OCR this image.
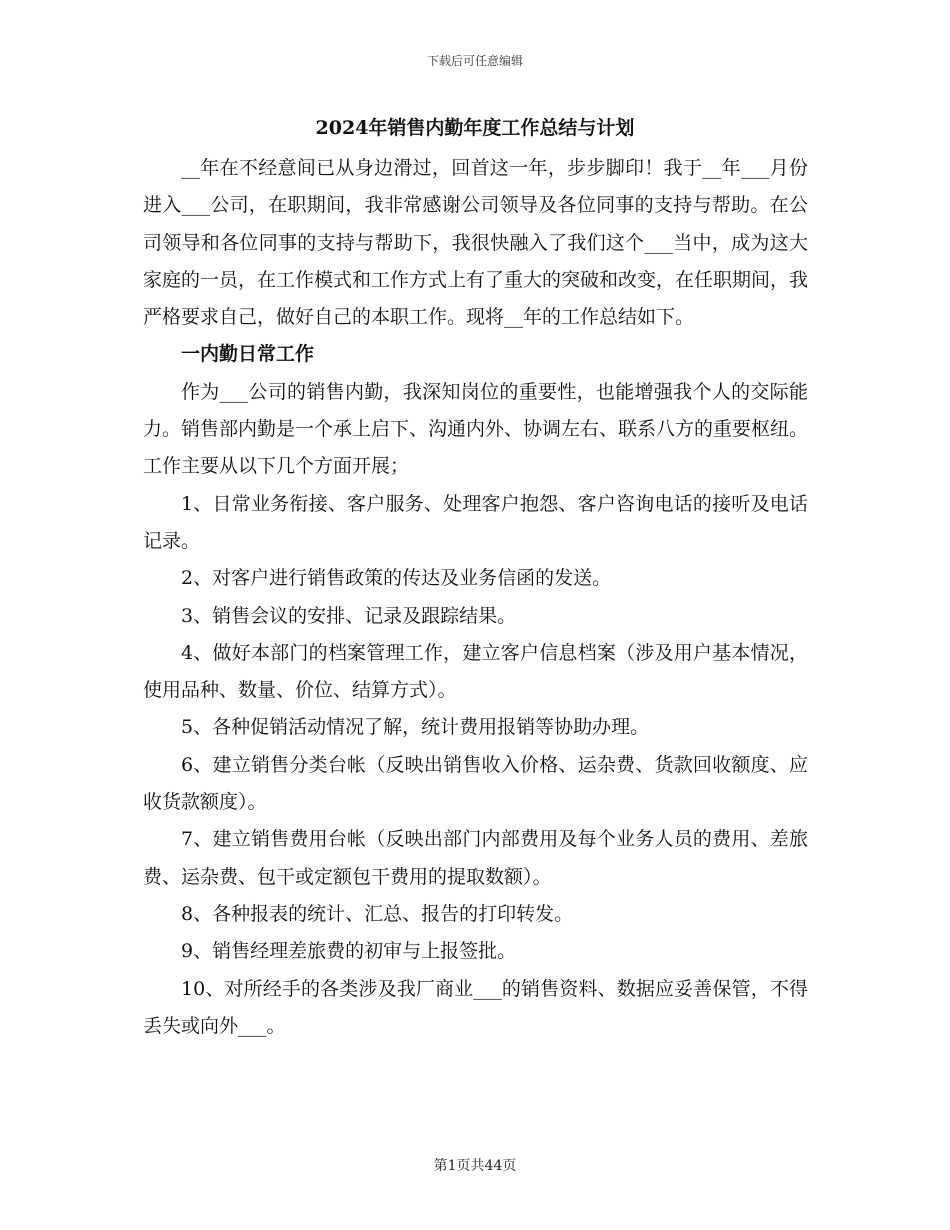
下载后可任意编辑
2024年销售内勤年度工作总结与计划

__年在不经意间已从身边滑过，回首这一年，步步脚印！我于__年___月份进入___公司，在职期间，我非常感谢公司领导及各位同事的支持与帮助。在公司领导和各位同事的支持与帮助下，我很快融入了我们这个___当中，成为这大家庭的一员，在工作模式和工作方式上有了重大的突破和改变，在任职期间，我严格要求自己，做好自己的本职工作。现将__年的工作总结如下。

一内勤日常工作

作为___公司的销售内勤，我深知岗位的重要性，也能增强我个人的交际能力。销售部内勤是一个承上启下、沟通内外、协调左右、联系八方的重要枢纽。工作主要从以下几个方面开展；

1、日常业务衔接、客户服务、处理客户抱怨、客户咨询电话的接听及电话记录。

2、对客户进行销售政策的传达及业务信函的发送。

3、销售会议的安排、记录及跟踪结果。

4、做好本部门的档案管理工作，建立客户信息档案（涉及用户基本情况，使用品种、数量、价位、结算方式）。

5、各种促销活动情况了解，统计费用报销等协助办理。

6、建立销售分类台帐（反映出销售收入价格、运杂费、货款回收额度、应收货款额度）。

7、建立销售费用台帐（反映出部门内部费用及每个业务人员的费用、差旅费、运杂费、包干或定额包干费用的提取数额）。

8、各种报表的统计、汇总、报告的打印转发。

9、销售经理差旅费的初审与上报签批。

10、对所经手的各类涉及我厂商业___的销售资料、数据应妥善保管，不得丢失或向外___。

第1页共44页
